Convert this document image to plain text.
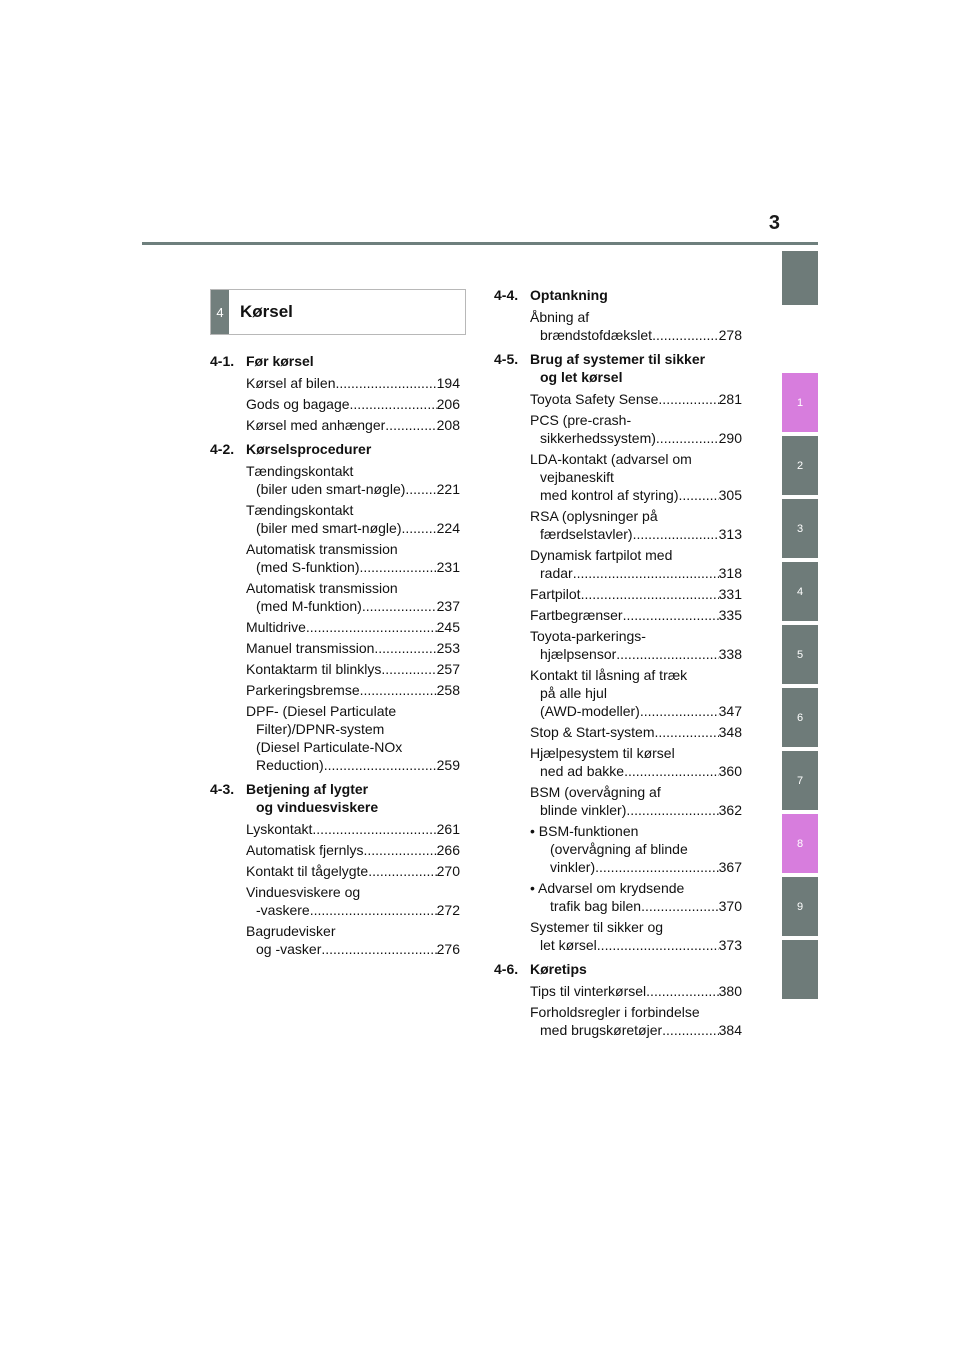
3
1
2
3
4
5
6
7
8
9
4 Kørsel
4-1. Før kørsel
Kørsel af bilen .....	194
Gods og bagage .....	206
Kørsel med anhænger .....	208
4-2. Kørselsprocedurer
Tændingskontakt
(biler uden smart-nøgle) ..... 221
Tændingskontakt
(biler med smart-nøgle) .....	224
Automatisk transmission
(med S-funktion) .....	231
Automatisk transmission
(med M-funktion) .....	237
Multidrive .....	245
Manuel transmission .....	253
Kontaktarm til blinklys .....	257
Parkeringsbremse .....	258
DPF- (Diesel Particulate
Filter)/DPNR-system
(Diesel Particulate-NOx
Reduction) .....	259
4-3. Betjening af lygter
og vinduesviskere
Lyskontakt .....	261
Automatisk fjernlys .....	266
Kontakt til tågelygte .....	270
Vinduesviskere og
-vaskere .....	272
Bagrudevisker
og -vasker .....	276
4-4. Optankning
Åbning af
brændstofdækslet .....	278
4-5. Brug af systemer til sikker
og let kørsel
Toyota Safety Sense .....	281
PCS (pre-crash-
sikkerhedssystem) .....	290
LDA-kontakt (advarsel om
vejbaneskift
med kontrol af styring) .....	305
RSA (oplysninger på
færdselstavler) .....	313
Dynamisk fartpilot med
radar .....	318
Fartpilot .....	331
Fartbegrænser .....	335
Toyota-parkerings-
hjælpsensor .....	338
Kontakt til låsning af træk
på alle hjul
(AWD-modeller) .....	347
Stop & Start-system .....	348
Hjælpesystem til kørsel
ned ad bakke .....	360
BSM (overvågning af
blinde vinkler) .....	362
• BSM-funktionen
(overvågning af blinde
vinkler) .....	367
• Advarsel om krydsende
trafik bag bilen .....	370
Systemer til sikker og
let kørsel .....	373
4-6. Køretips
Tips til vinterkørsel .....	380
Forholdsregler i forbindelse
med brugskøretøjer .....	384
